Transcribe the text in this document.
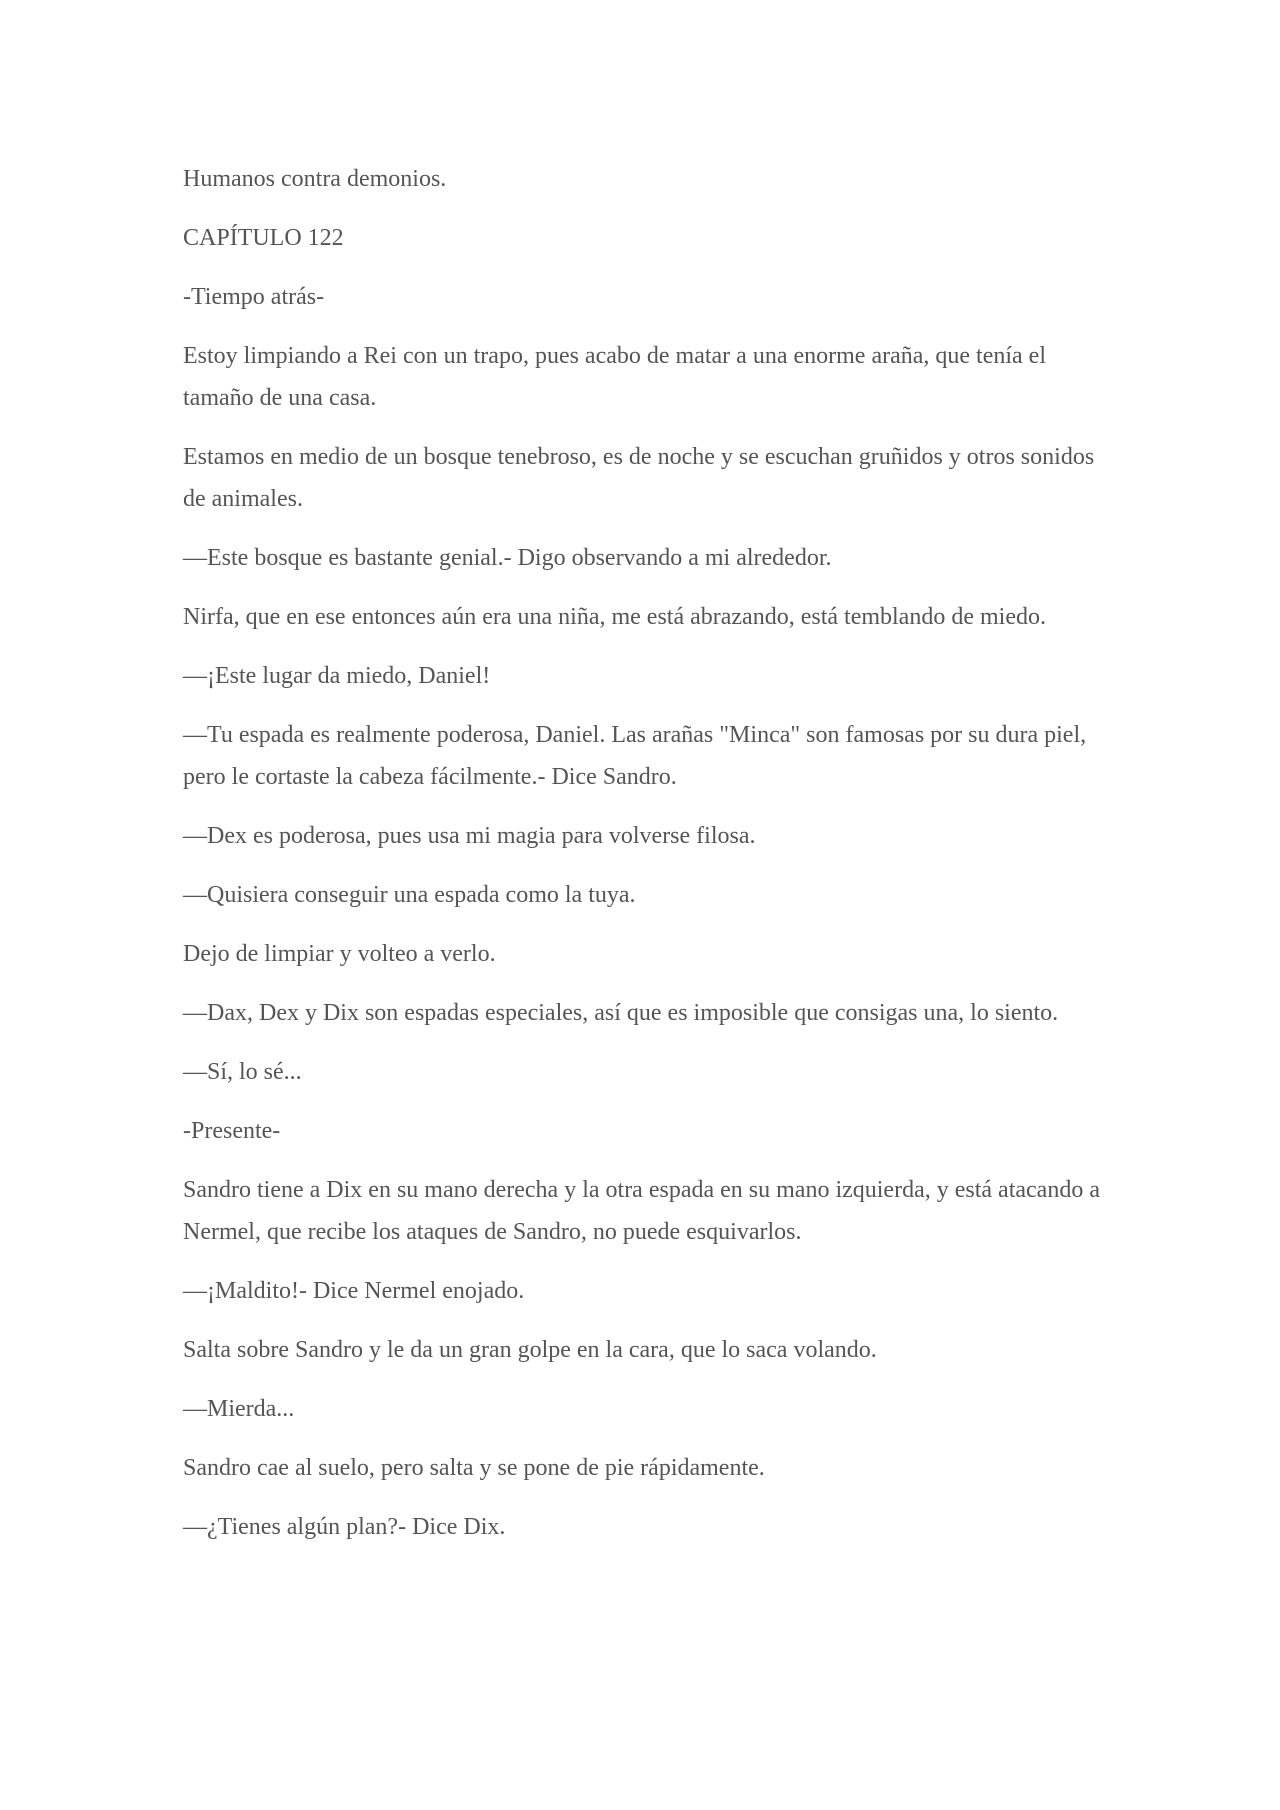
Humanos contra demonios.

CAPÍTULO 122

-Tiempo atrás-

Estoy limpiando a Rei con un trapo, pues acabo de matar a una enorme araña, que tenía el tamaño de una casa.

Estamos en medio de un bosque tenebroso, es de noche y se escuchan gruñidos y otros sonidos de animales.

—Este bosque es bastante genial.- Digo observando a mi alrededor.

Nirfa, que en ese entonces aún era una niña, me está abrazando, está temblando de miedo.

—¡Este lugar da miedo, Daniel!

—Tu espada es realmente poderosa, Daniel. Las arañas "Minca" son famosas por su dura piel, pero le cortaste la cabeza fácilmente.- Dice Sandro.

—Dex es poderosa, pues usa mi magia para volverse filosa.

—Quisiera conseguir una espada como la tuya.

Dejo de limpiar y volteo a verlo.

—Dax, Dex y Dix son espadas especiales, así que es imposible que consigas una, lo siento.

—Sí, lo sé...

-Presente-

Sandro tiene a Dix en su mano derecha y la otra espada en su mano izquierda, y está atacando a Nermel, que recibe los ataques de Sandro, no puede esquivarlos.

—¡Maldito!- Dice Nermel enojado.

Salta sobre Sandro y le da un gran golpe en la cara, que lo saca volando.

—Mierda...

Sandro cae al suelo, pero salta y se pone de pie rápidamente.

—¿Tienes algún plan?- Dice Dix.
